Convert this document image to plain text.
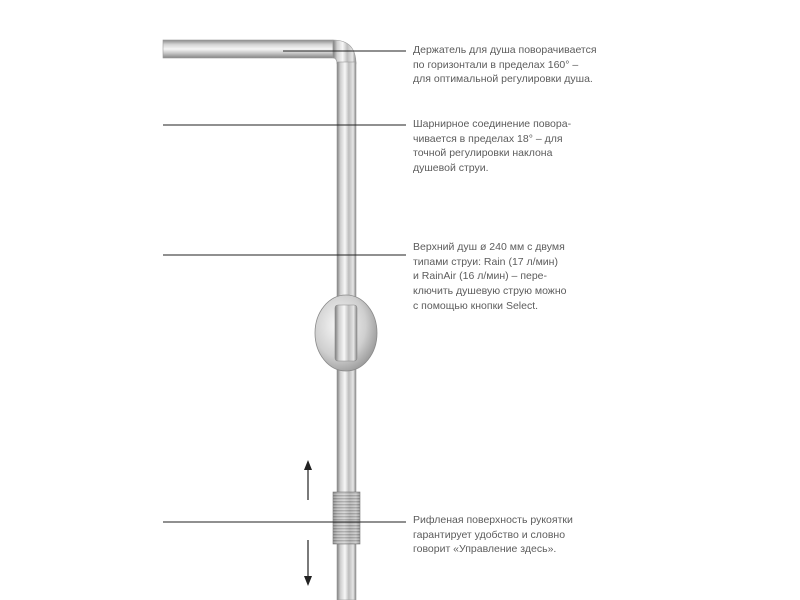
Держатель для душа поворачивается
по горизонтали в пределах 160° –
для оптимальной регулировки душа.
Шарнирное соединение повора-
чивается в пределах 18° – для
точной регулировки наклона
душевой струи.
Верхний душ ø 240 мм с двумя
типами струи: Rain (17 л/мин)
и RainAir (16 л/мин) – пере-
ключить душевую струю можно
с помощью кнопки Select.
Рифленая поверхность рукоятки
гарантирует удобство и словно
говорит «Управление здесь».
